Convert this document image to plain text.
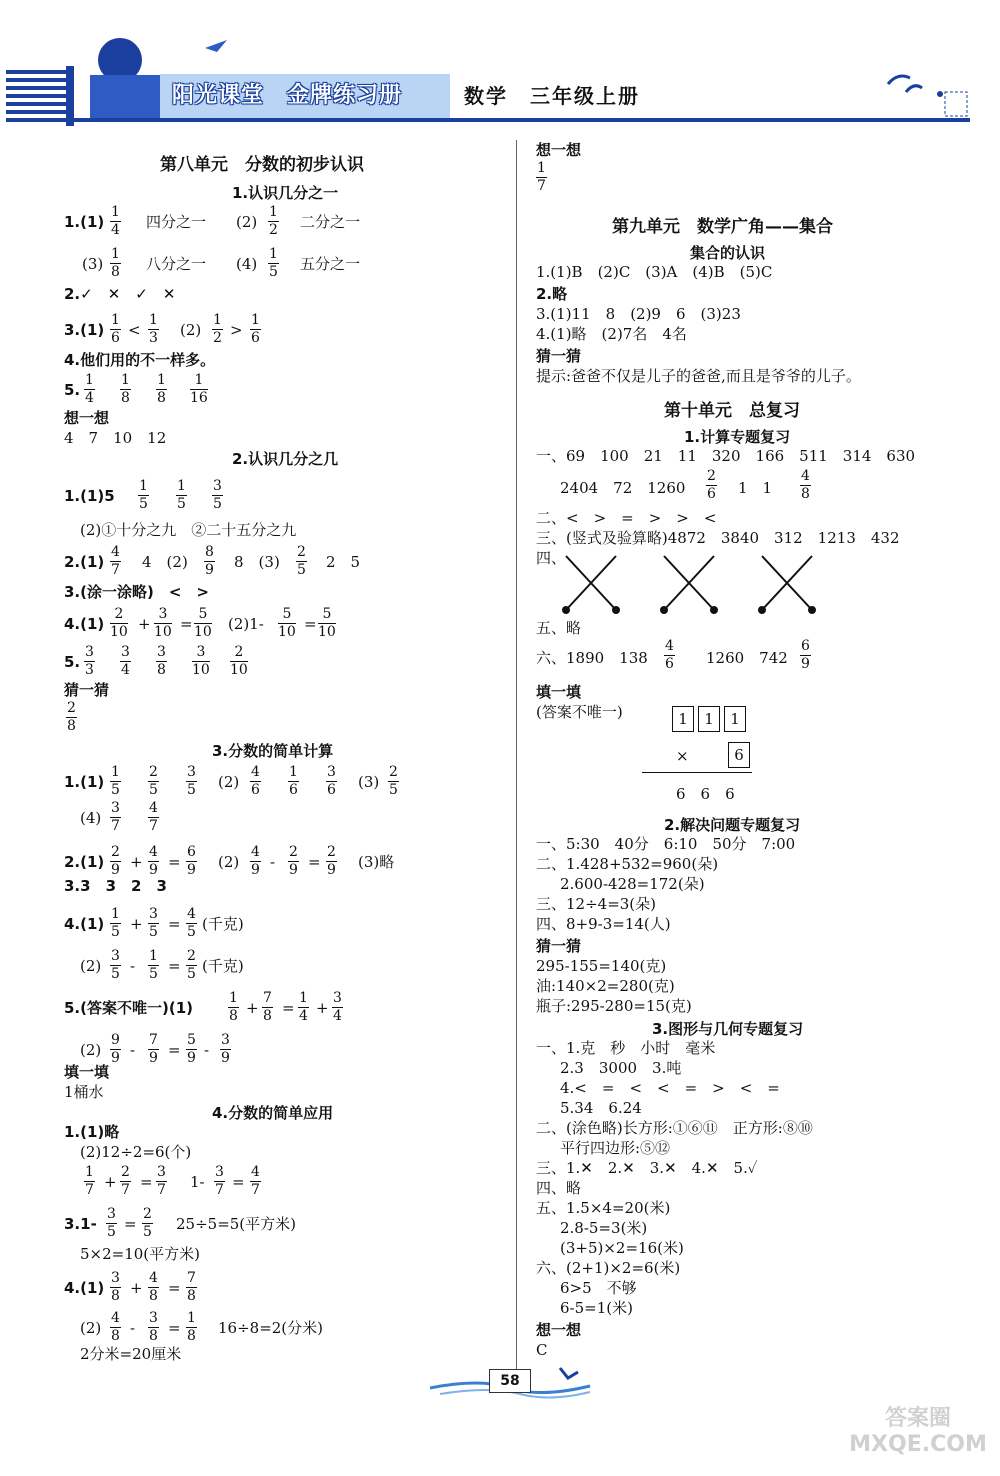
阳光课堂　金牌练习册	数学　三年级上册
第八单元　分数的初步认识
1.认识几分之一
$1.(1) \frac{1}{4}$ 四分之一 $(2) \frac{1}{2}$ 二分之一
$(3) \frac{1}{8}$ 八分之一 $(4) \frac{1}{5}$ 五分之一
2.✓　✕　✓　✕
$3.(1) \frac{1}{6} < \frac{1}{3} (2) \frac{1}{2} > \frac{1}{6}$
4.他们用的不一样多。
5. $\frac{1}{4} \frac{1}{8} \frac{1}{8} \frac{1}{16}$
想一想
4　7　10　12
2.认识几分之几
$1.(1)5 \frac{1}{5} \frac{1}{5} \frac{3}{5}$
(2)①十分之九　②二十五分之九
$2.(1) \frac{4}{7} 4$　$(2) \frac{8}{9} 8$　$(3) \frac{2}{5} 2$　5
3.(涂一涂略)　<　>
$4.(1) \frac{2}{10} + \frac{3}{10} = \frac{5}{10} (2)1- \frac{5}{10} = \frac{5}{10}$
5. $\frac{3}{3} \frac{3}{4} \frac{3}{8} \frac{3}{10} \frac{2}{10}$
猜一猜
$\frac{2}{8}$
3.分数的简单计算
$1.(1) \frac{1}{5} \frac{2}{5} \frac{3}{5} (2) \frac{4}{6} \frac{1}{6} \frac{3}{6} (3) \frac{2}{5}$
$(4) \frac{3}{7} \frac{4}{7}$
$2.(1) \frac{2}{9} + \frac{4}{9} = \frac{6}{9} (2) \frac{4}{9} - \frac{2}{9} = \frac{2}{9} (3)$略
3.3　3　2　3
$4.(1) \frac{1}{5} + \frac{3}{5} = \frac{4}{5}$ (千克)
$(2) \frac{3}{5} - \frac{1}{5} = \frac{2}{5}$ (千克)
5.(答案不唯一)(1)	$\frac{1}{8} + \frac{7}{8} = \frac{1}{4} + \frac{3}{4}$
$(2) \frac{9}{9} - \frac{7}{9} = \frac{5}{9} - \frac{3}{9}$
填一填
1桶水
4.分数的简单应用
1.(1)略
(2)12÷2=6(个)
$\frac{1}{7} + \frac{2}{7} = \frac{3}{7} 1- \frac{3}{7} = \frac{4}{7}$
$3.1- \frac{3}{5} = \frac{2}{5} 25\div 5=5$(平方米)
5×2=10(平方米)
$4.(1) \frac{3}{8} + \frac{4}{8} = \frac{7}{8}$
$(2) \frac{4}{8} - \frac{3}{8} = \frac{1}{8} 16\div 8=2$(分米)
2分米=20厘米
想一想
$\frac{1}{7}$
第九单元　数学广角——集合
集合的认识
1.(1)B　(2)C　(3)A　(4)B　(5)C
2.略
3.(1)11　8　(2)9　6　(3)23
4.(1)略　(2)7名　4名
猜一猜
提示:爸爸不仅是儿子的爸爸,而且是爷爷的儿子。
第十单元　总复习
1.计算专题复习
一、69　100　21　11　320　166　511　314　630
2404　72　$1260 \frac{2}{6} 1$　$1 \frac{4}{8}$
二、<　>　=　>　>　<
三、(竖式及验算略)4872　3840　312　1213　432
四、
五、略
六、1890　$138 \frac{4}{6} 1260$　$742 \frac{6}{9}$
填一填
(答案不唯一)	1	1	1
×	6
6　6　6
2.解决问题专题复习
一、5:30　40分　6:10　50分　7:00
二、1.428+532=960(朵)
2.600-428=172(朵)
三、12÷4=3(朵)
四、8+9-3=14(人)
猜一猜
295-155=140(克)
油:140×2=280(克)
瓶子:295-280=15(克)
3.图形与几何专题复习
一、1.克　秒　小时　毫米
2.3　3000　3.吨
4.<　=　<　<　=　>　<　=
5.34　6.24
二、(涂色略)长方形:①⑥⑪　正方形:⑧⑩
平行四边形:⑤⑫
三、1.✕　2.✕　3.✕　4.✕　5.✓
四、略
五、1.5×4=20(米)
2.8-5=3(米)
(3+5)×2=16(米)
六、(2+1)×2=6(米)
6>5　不够
6-5=1(米)
想一想
C
58
答案圈 MXQE.COM
